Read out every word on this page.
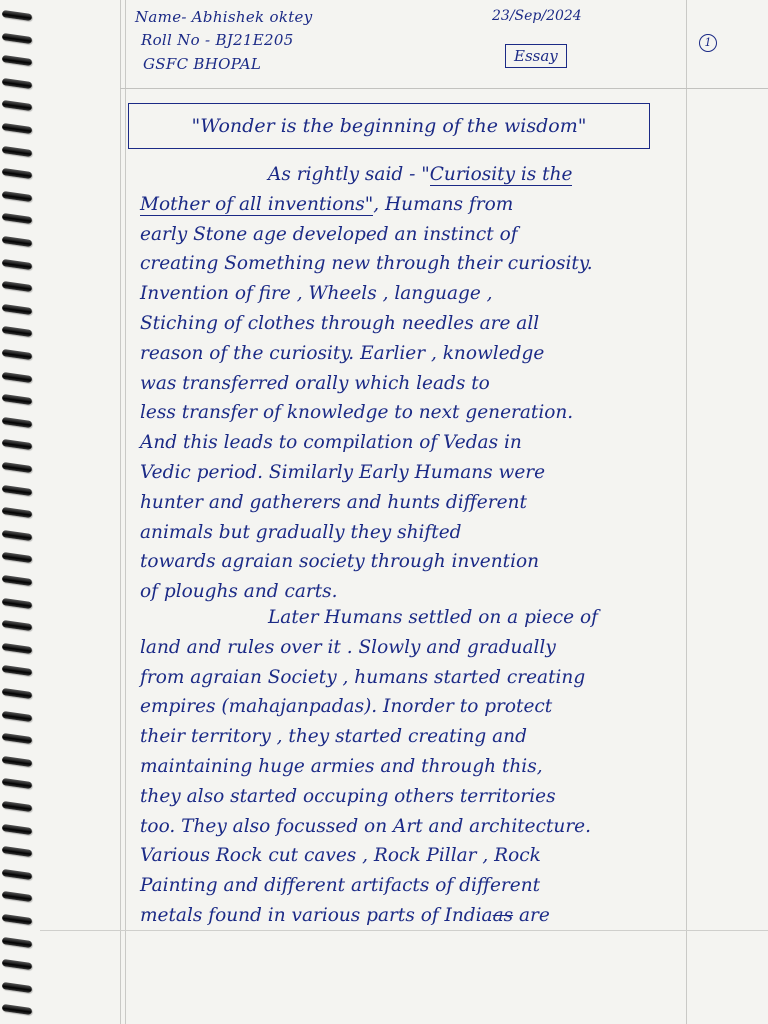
Name- Abhishek oktey
Roll No - BJ21E205
GSFC BHOPAL
23/Sep/2024
Essay
1
"Wonder is the beginning of the wisdom"
As rightly said - "Curiosity is the
Mother of all inventions", Humans from
early Stone age developed an instinct of
creating Something new through their curiosity.
Invention of fire , Wheels , language ,
Stiching of clothes through needles are all
reason of the curiosity. Earlier , knowledge
was transferred orally which leads to
less transfer of knowledge to next generation.
And this leads to compilation of Vedas in
Vedic period. Similarly Early Humans were
hunter and gatherers and hunts different
animals but gradually they shifted
towards agraian society through invention
of ploughs and carts.
Later Humans settled on a piece of
land and rules over it . Slowly and gradually
from agraian Society , humans started creating
empires (mahajanpadas). Inorder to protect
their territory , they started creating and
maintaining huge armies and through this,
they also started occuping others territories
too. They also focussed on Art and architecture.
Various Rock cut caves , Rock Pillar , Rock
Painting and different artifacts of different
metals found in various parts of Indiaas are
